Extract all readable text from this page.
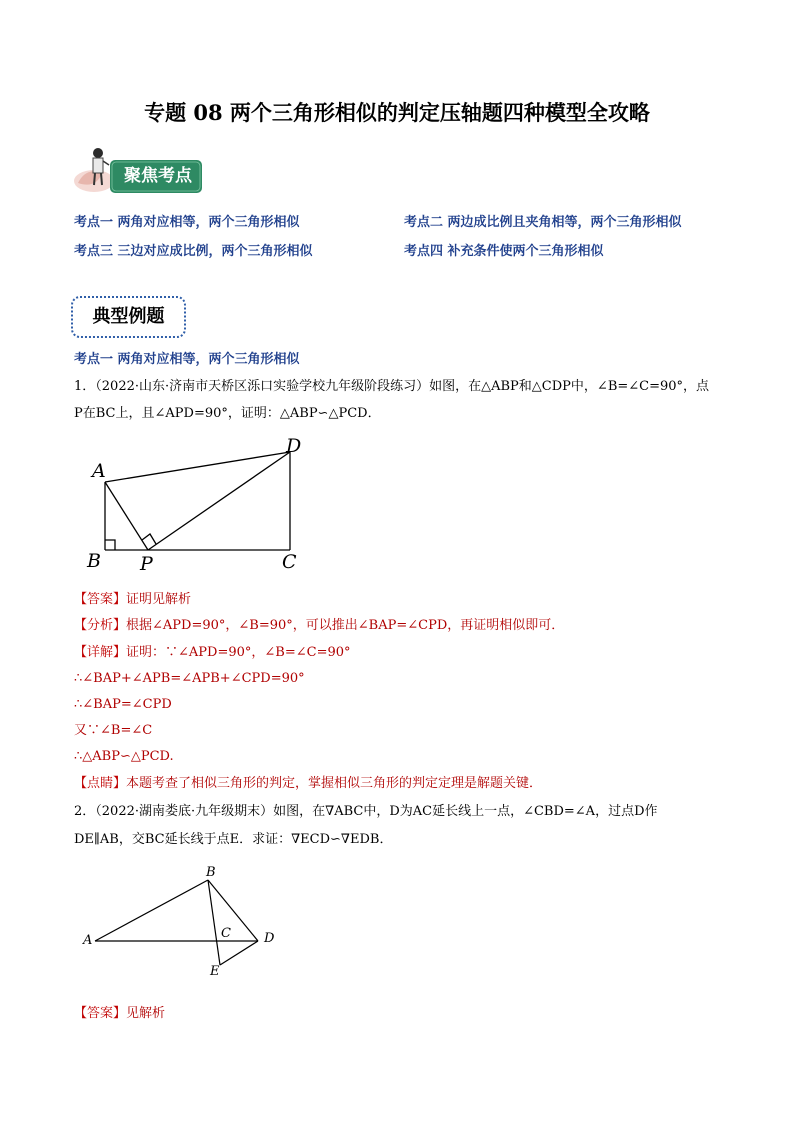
专题 08 两个三角形相似的判定压轴题四种模型全攻略
聚焦考点
考点一 两角对应相等，两个三角形相似	考点二 两边成比例且夹角相等，两个三角形相似
考点三 三边对应成比例，两个三角形相似	考点四 补充条件使两个三角形相似
典型例题
考点一 两角对应相等，两个三角形相似
1．（2022·山东·济南市天桥区泺口实验学校九年级阶段练习）如图，在△ABP和△CDP中，∠B=∠C=90°，点
P在BC上，且∠APD=90°，证明：△ABP∽△PCD．
A
B P	C
D
【答案】证明见解析
【分析】根据∠APD=90°，∠B=90°，可以推出∠BAP=∠CPD，再证明相似即可．
【详解】证明：∵∠APD=90°，∠B=∠C=90°
∴∠BAP+∠APB=∠APB+∠CPD=90°
∴∠BAP=∠CPD
又∵∠B=∠C
∴△ABP∽△PCD.
【点睛】本题考查了相似三角形的判定，掌握相似三角形的判定定理是解题关键．
2．（2022·湖南娄底·九年级期末）如图，在∇ABC中，D为AC延长线上一点，∠CBD=∠A，过点D作
DE∥AB，交BC延长线于点E．求证：∇ECD∽∇EDB．
A
B
C	D
E
【答案】见解析
